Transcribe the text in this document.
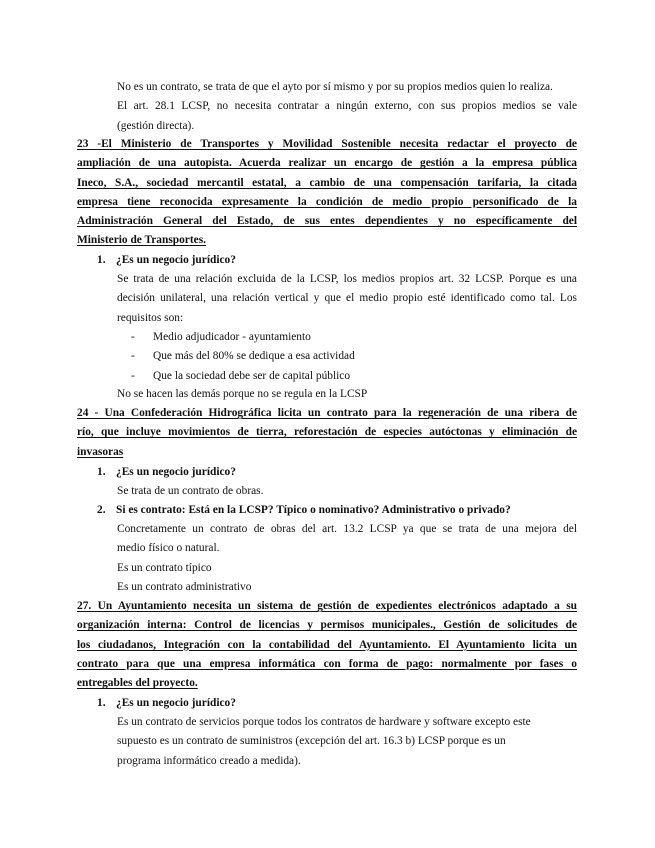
No es un contrato, se trata de que el ayto por sí mismo y por su propios medios quien lo realiza.
El art. 28.1 LCSP, no necesita contratar a ningún externo, con sus propios medios se vale
(gestión directa).
23 -El Ministerio de Transportes y Movilidad Sostenible necesita redactar el proyecto de
ampliación de una autopista. Acuerda realizar un encargo de gestión a la empresa pública
Ineco, S.A., sociedad mercantil estatal, a cambio de una compensación tarifaria, la citada
empresa tiene reconocida expresamente la condición de medio propio personificado de la
Administración General del Estado, de sus entes dependientes y no específicamente del
Ministerio de Transportes.
1. ¿Es un negocio jurídico?
Se trata de una relación excluida de la LCSP, los medios propios art. 32 LCSP. Porque es una
decisión unilateral, una relación vertical y que el medio propio esté identificado como tal. Los
requisitos son:
- Medio adjudicador - ayuntamiento
- Que más del 80% se dedique a esa actividad
- Que la sociedad debe ser de capital público
No se hacen las demás porque no se regula en la LCSP
24 - Una Confederación Hidrográfica licita un contrato para la regeneración de una ribera de
río, que incluye movimientos de tierra, reforestación de especies autóctonas y eliminación de
invasoras
1. ¿Es un negocio jurídico?
Se trata de un contrato de obras.
2. Si es contrato: Está en la LCSP? Típico o nominativo? Administrativo o privado?
Concretamente un contrato de obras del art. 13.2 LCSP ya que se trata de una mejora del
medio físico o natural.
Es un contrato típico
Es un contrato administrativo
27. Un Ayuntamiento necesita un sistema de gestión de expedientes electrónicos adaptado a su
organización interna: Control de licencias y permisos municipales., Gestión de solicitudes de
los ciudadanos, Integración con la contabilidad del Ayuntamiento. El Ayuntamiento licita un
contrato para que una empresa informática con forma de pago: normalmente por fases o
entregables del proyecto.
1. ¿Es un negocio jurídico?
Es un contrato de servicios porque todos los contratos de hardware y software excepto este
supuesto es un contrato de suministros (excepción del art. 16.3 b) LCSP porque es un
programa informático creado a medida).
